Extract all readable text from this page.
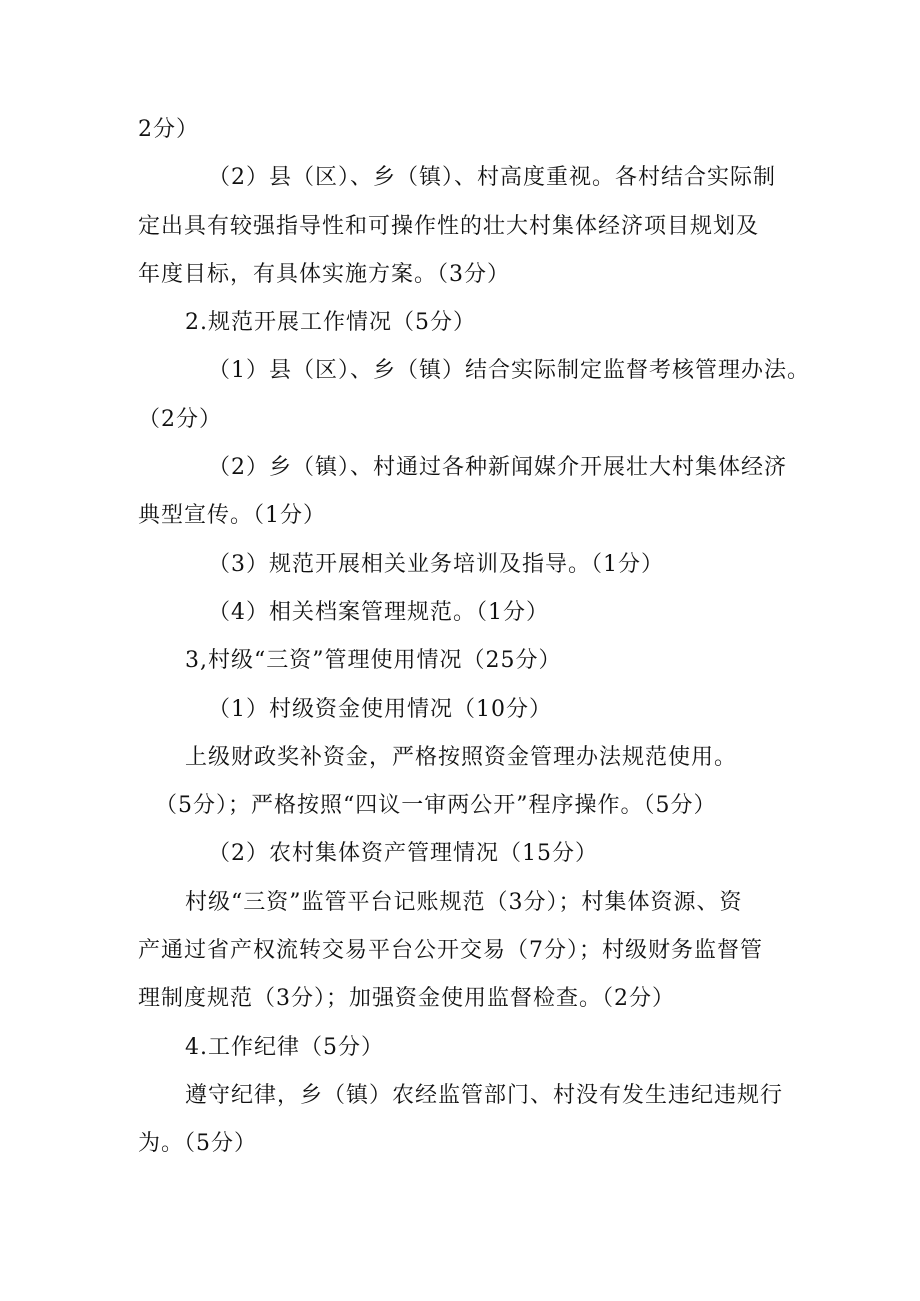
2分）
（2）县（区）、乡（镇）、村高度重视。各村结合实际制
定出具有较强指导性和可操作性的壮大村集体经济项目规划及
年度目标，有具体实施方案。（3分）
2.规范开展工作情况（5分）
（1）县（区）、乡（镇）结合实际制定监督考核管理办法。
（2分）
（2）乡（镇）、村通过各种新闻媒介开展壮大村集体经济
典型宣传。（1分）
（3）规范开展相关业务培训及指导。（1分）
（4）相关档案管理规范。（1分）
3,村级“三资”管理使用情况（25分）
（1）村级资金使用情况（10分）
上级财政奖补资金，严格按照资金管理办法规范使用。
（5分）；严格按照“四议一审两公开”程序操作。（5分）
（2）农村集体资产管理情况（15分）
村级“三资”监管平台记账规范（3分）；村集体资源、资
产通过省产权流转交易平台公开交易（7分）；村级财务监督管
理制度规范（3分）；加强资金使用监督检查。（2分）
4.工作纪律（5分）
遵守纪律，乡（镇）农经监管部门、村没有发生违纪违规行
为。（5分）
